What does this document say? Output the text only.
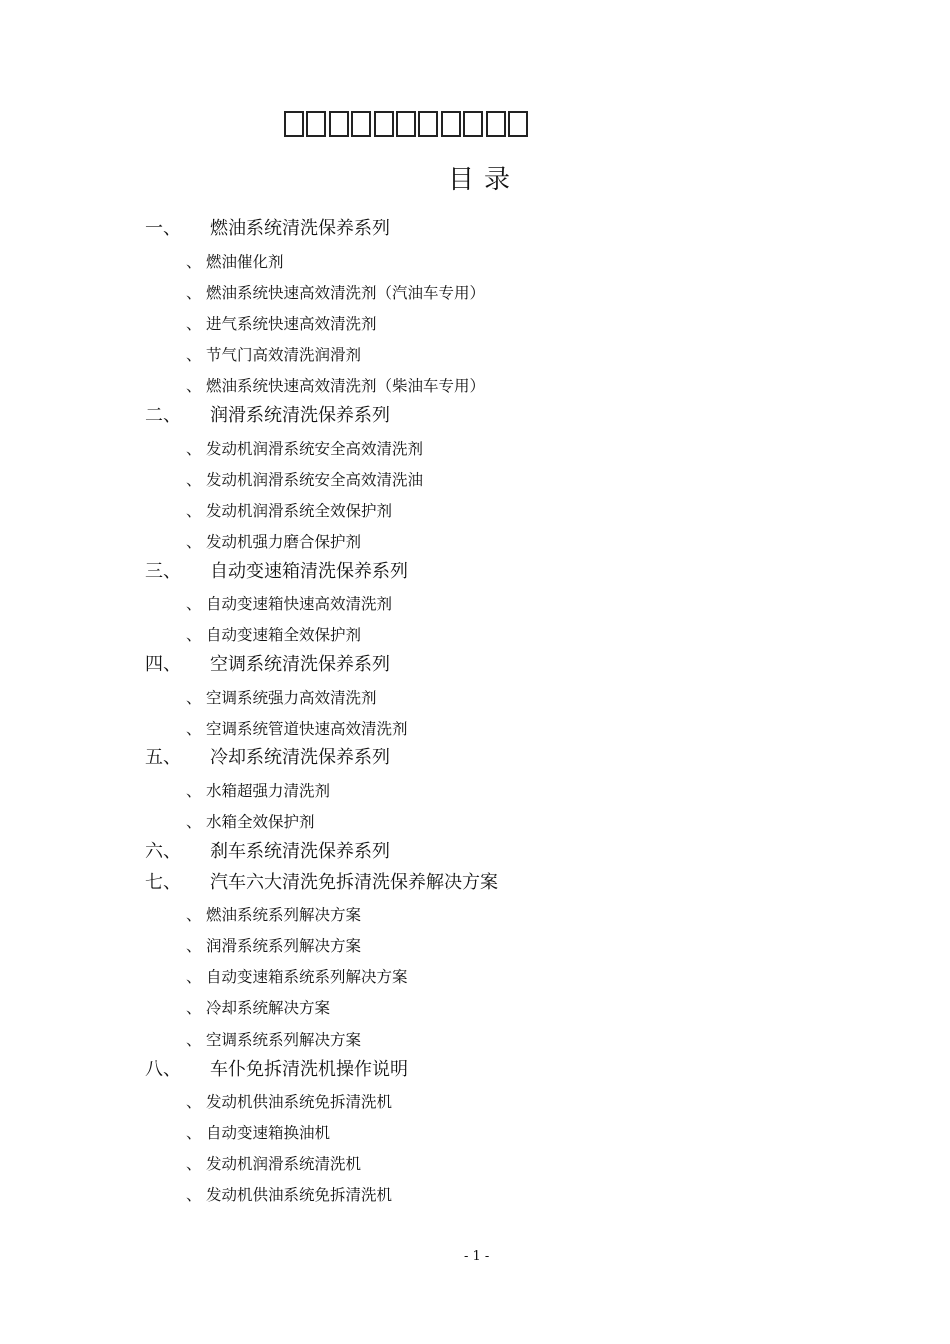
目录
一、 燃油系统清洗保养系列
、 燃油催化剂
、 燃油系统快速高效清洗剂（汽油车专用）
、 进气系统快速高效清洗剂
、 节气门高效清洗润滑剂
、 燃油系统快速高效清洗剂（柴油车专用）
二、 润滑系统清洗保养系列
、 发动机润滑系统安全高效清洗剂
、 发动机润滑系统安全高效清洗油
、 发动机润滑系统全效保护剂
、 发动机强力磨合保护剂
三、 自动变速箱清洗保养系列
、 自动变速箱快速高效清洗剂
、 自动变速箱全效保护剂
四、 空调系统清洗保养系列
、 空调系统强力高效清洗剂
、 空调系统管道快速高效清洗剂
五、 冷却系统清洗保养系列
、 水箱超强力清洗剂
、 水箱全效保护剂
六、 刹车系统清洗保养系列
七、 汽车六大清洗免拆清洗保养解决方案
、 燃油系统系列解决方案
、 润滑系统系列解决方案
、 自动变速箱系统系列解决方案
、 冷却系统解决方案
、 空调系统系列解决方案
八、 车仆免拆清洗机操作说明
、 发动机供油系统免拆清洗机
、 自动变速箱换油机
、 发动机润滑系统清洗机
、 发动机供油系统免拆清洗机
- 1 -
